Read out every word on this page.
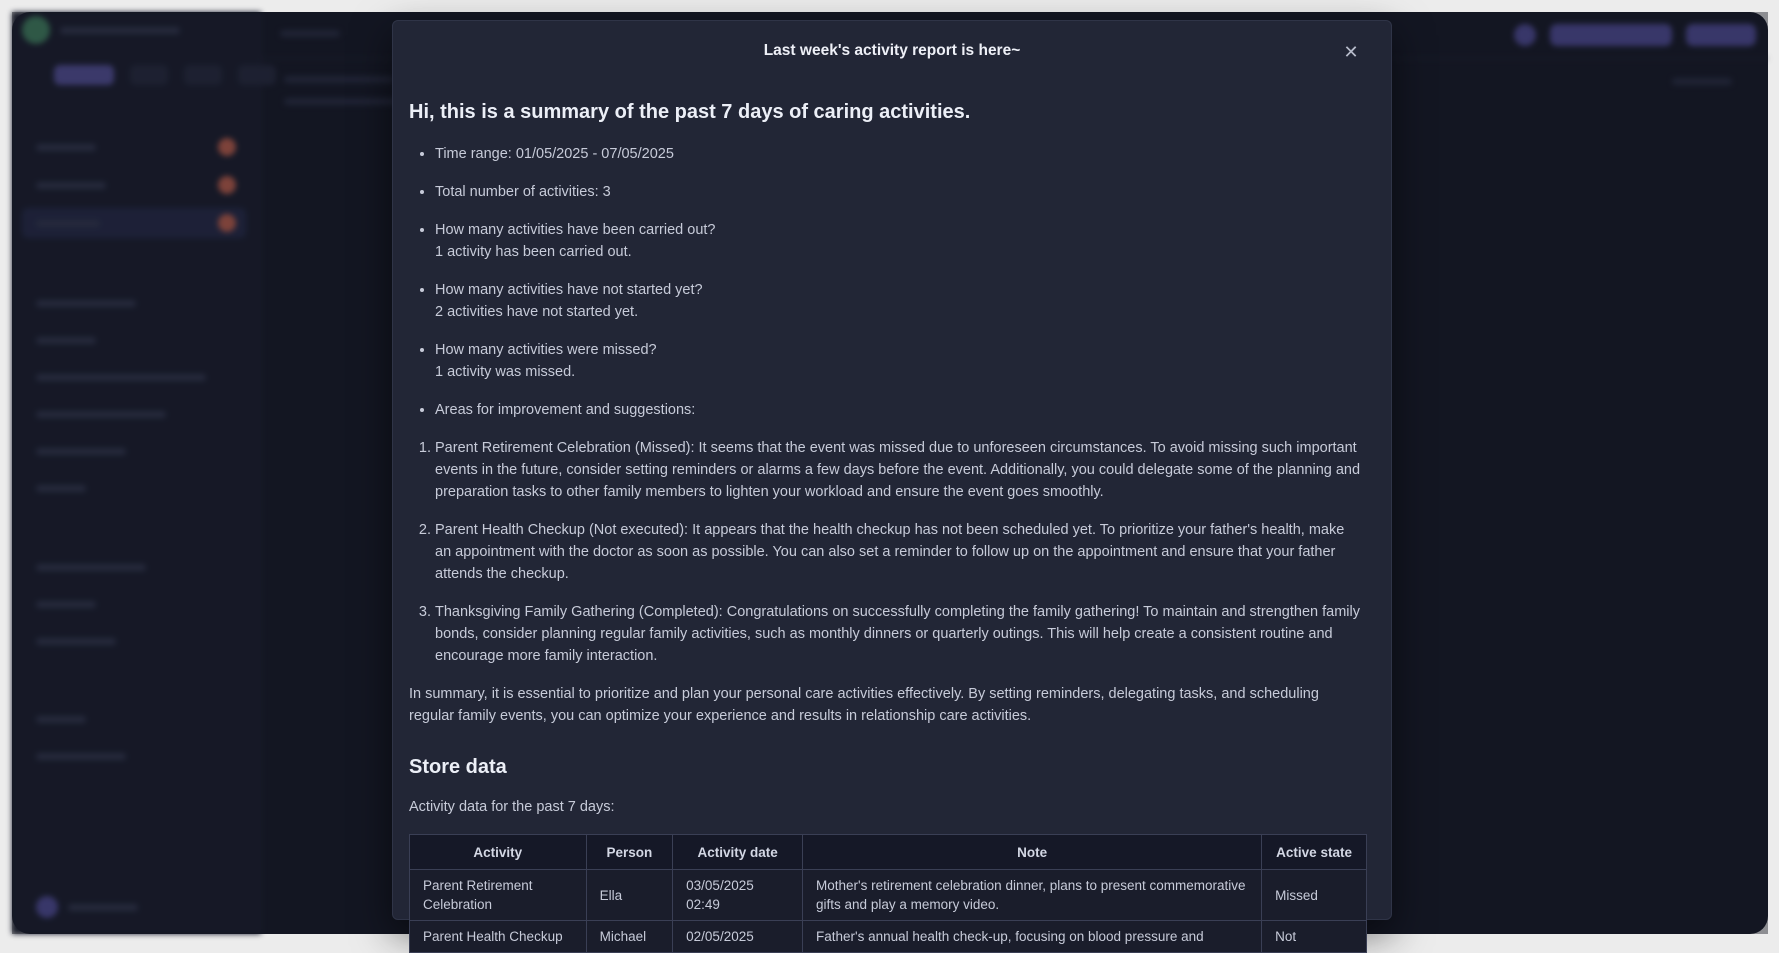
Last week's activity report is here~	✕
Hi, this is a summary of the past 7 days of caring activities.
• Time range: 01/05/2025 - 07/05/2025
• Total number of activities: 3
• How many activities have been carried out?
1 activity has been carried out.
• How many activities have not started yet?
2 activities have not started yet.
• How many activities were missed?
1 activity was missed.
• Areas for improvement and suggestions:
1. Parent Retirement Celebration (Missed): It seems that the event was missed due to unforeseen circumstances. To avoid missing such important events in the future, consider setting reminders or alarms a few days before the event. Additionally, you could delegate some of the planning and preparation tasks to other family members to lighten your workload and ensure the event goes smoothly.
2. Parent Health Checkup (Not executed): It appears that the health checkup has not been scheduled yet. To prioritize your father's health, make an appointment with the doctor as soon as possible. You can also set a reminder to follow up on the appointment and ensure that your father attends the checkup.
3. Thanksgiving Family Gathering (Completed): Congratulations on successfully completing the family gathering! To maintain and strengthen family bonds, consider planning regular family activities, such as monthly dinners or quarterly outings. This will help create a consistent routine and encourage more family interaction.

In summary, it is essential to prioritize and plan your personal care activities effectively. By setting reminders, delegating tasks, and scheduling regular family events, you can optimize your experience and results in relationship care activities.

Store data

Activity data for the past 7 days:

Activity	Person	Activity date	Note	Active state
Parent Retirement Celebration	Ella	03/05/2025 02:49	Mother's retirement celebration dinner, plans to present commemorative gifts and play a memory video.	Missed
Parent Health Checkup	Michael	02/05/2025	Father's annual health check-up, focusing on blood pressure and	Not
